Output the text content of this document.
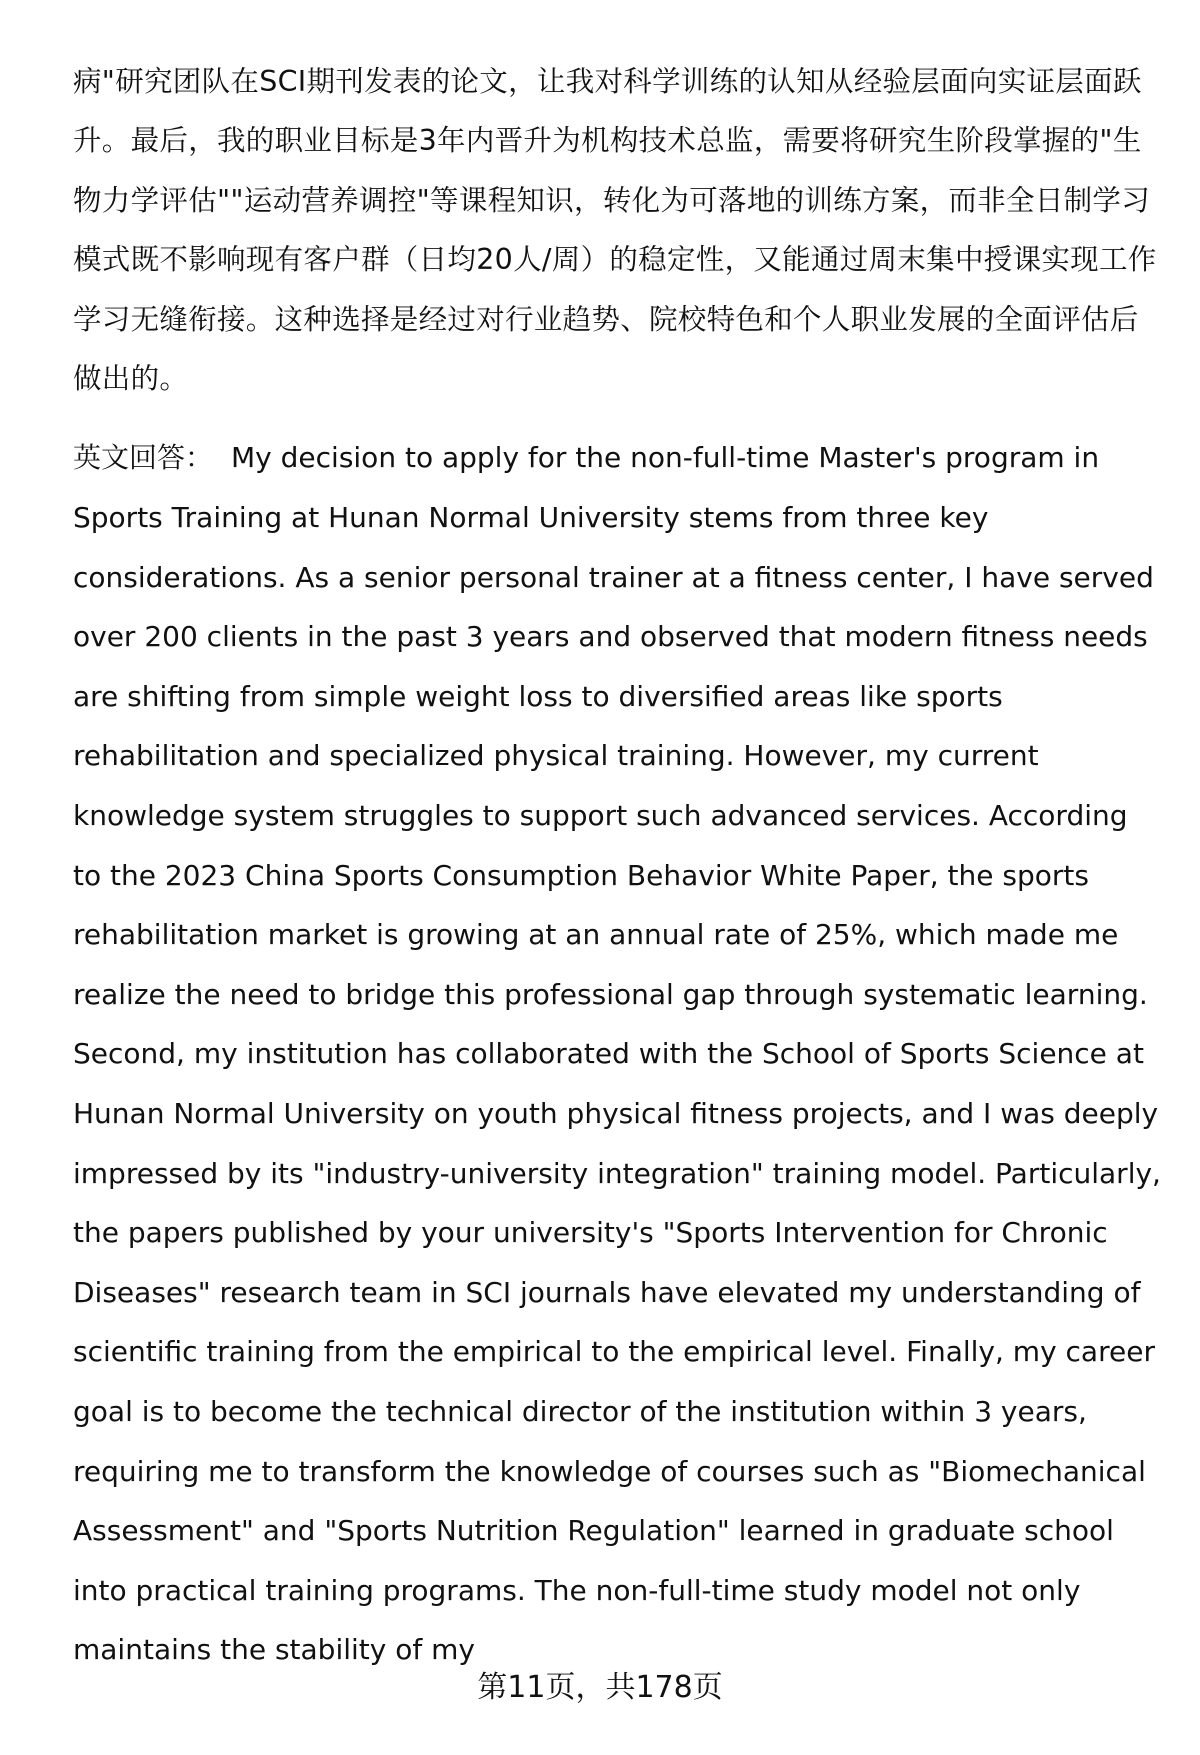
病"研究团队在SCI期刊发表的论文，让我对科学训练的认知从经验层面向实证层面跃升。最后，我的职业目标是3年内晋升为机构技术总监，需要将研究生阶段掌握的"生物力学评估""运动营养调控"等课程知识，转化为可落地的训练方案，而非全日制学习模式既不影响现有客户群（日均20人/周）的稳定性，又能通过周末集中授课实现工作学习无缝衔接。这种选择是经过对行业趋势、院校特色和个人职业发展的全面评估后做出的。

英文回答： My decision to apply for the non-full-time Master's program in Sports Training at Hunan Normal University stems from three key considerations. As a senior personal trainer at a fitness center, I have served over 200 clients in the past 3 years and observed that modern fitness needs are shifting from simple weight loss to diversified areas like sports rehabilitation and specialized physical training. However, my current knowledge system struggles to support such advanced services. According to the 2023 China Sports Consumption Behavior White Paper, the sports rehabilitation market is growing at an annual rate of 25%, which made me realize the need to bridge this professional gap through systematic learning. Second, my institution has collaborated with the School of Sports Science at Hunan Normal University on youth physical fitness projects, and I was deeply impressed by its "industry-university integration" training model. Particularly, the papers published by your university's "Sports Intervention for Chronic Diseases" research team in SCI journals have elevated my understanding of scientific training from the empirical to the empirical level. Finally, my career goal is to become the technical director of the institution within 3 years, requiring me to transform the knowledge of courses such as "Biomechanical Assessment" and "Sports Nutrition Regulation" learned in graduate school into practical training programs. The non-full-time study model not only maintains the stability of my

第11页，共178页
